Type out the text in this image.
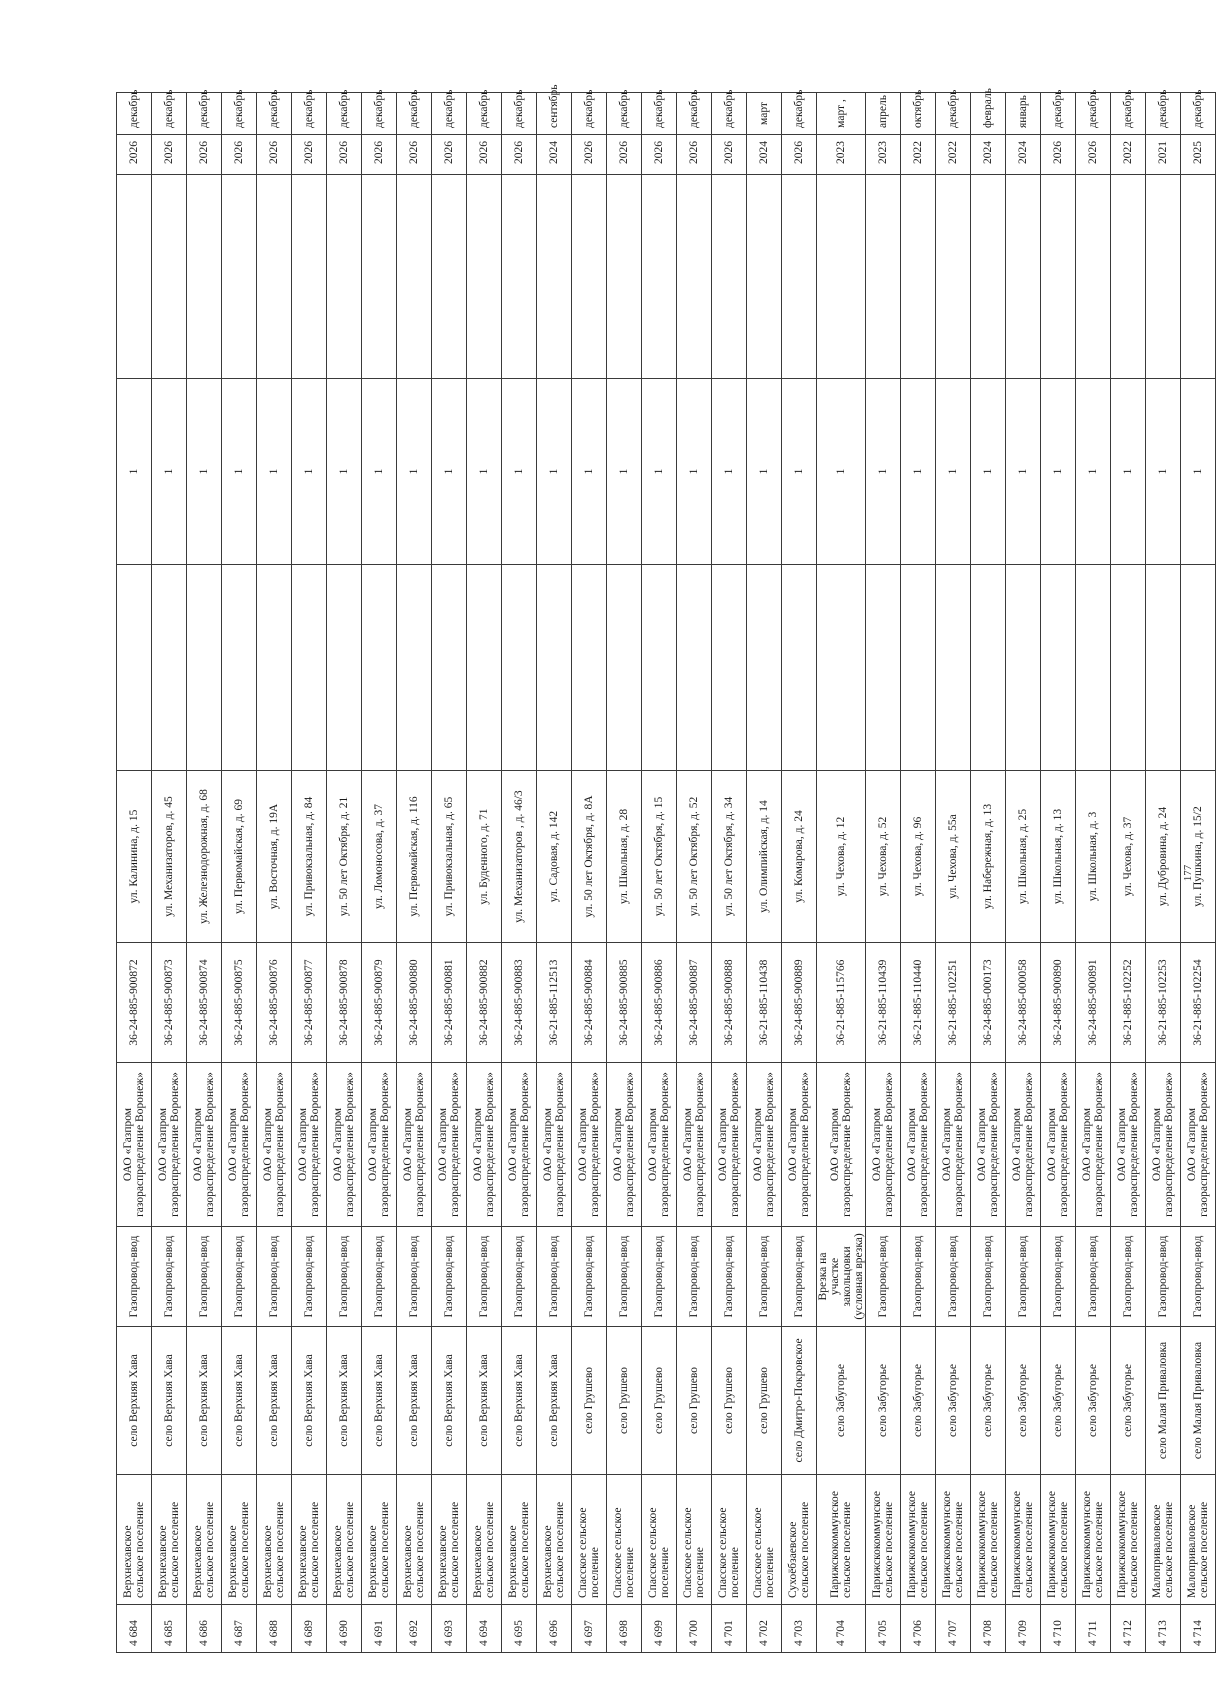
4 684	Верхнехавское сельское поселение	село Верхняя Хава	Газопровод-ввод	ОАО «Газпром газораспределение Воронеж»	36-24-885-900872	ул. Калинина, д. 15		1		2026	декабрь
4 685	Верхнехавское сельское поселение	село Верхняя Хава	Газопровод-ввод	ОАО «Газпром газораспределение Воронеж»	36-24-885-900873	ул. Механизаторов, д. 45		1		2026	декабрь
4 686	Верхнехавское сельское поселение	село Верхняя Хава	Газопровод-ввод	ОАО «Газпром газораспределение Воронеж»	36-24-885-900874	ул. Железнодорожная, д. 68		1		2026	декабрь
4 687	Верхнехавское сельское поселение	село Верхняя Хава	Газопровод-ввод	ОАО «Газпром газораспределение Воронеж»	36-24-885-900875	ул. Первомайская, д. 69		1		2026	декабрь
4 688	Верхнехавское сельское поселение	село Верхняя Хава	Газопровод-ввод	ОАО «Газпром газораспределение Воронеж»	36-24-885-900876	ул. Восточная, д. 19А		1		2026	декабрь
4 689	Верхнехавское сельское поселение	село Верхняя Хава	Газопровод-ввод	ОАО «Газпром газораспределение Воронеж»	36-24-885-900877	ул. Привокзальная, д. 84		1		2026	декабрь
4 690	Верхнехавское сельское поселение	село Верхняя Хава	Газопровод-ввод	ОАО «Газпром газораспределение Воронеж»	36-24-885-900878	ул. 50 лет Октября, д. 21		1		2026	декабрь
4 691	Верхнехавское сельское поселение	село Верхняя Хава	Газопровод-ввод	ОАО «Газпром газораспределение Воронеж»	36-24-885-900879	ул. Ломоносова, д. 37		1		2026	декабрь
4 692	Верхнехавское сельское поселение	село Верхняя Хава	Газопровод-ввод	ОАО «Газпром газораспределение Воронеж»	36-24-885-900880	ул. Первомайская, д. 116		1		2026	декабрь
4 693	Верхнехавское сельское поселение	село Верхняя Хава	Газопровод-ввод	ОАО «Газпром газораспределение Воронеж»	36-24-885-900881	ул. Привокзальная, д. 65		1		2026	декабрь
4 694	Верхнехавское сельское поселение	село Верхняя Хава	Газопровод-ввод	ОАО «Газпром газораспределение Воронеж»	36-24-885-900882	ул. Буденного, д. 71		1		2026	декабрь
4 695	Верхнехавское сельское поселение	село Верхняя Хава	Газопровод-ввод	ОАО «Газпром газораспределение Воронеж»	36-24-885-900883	ул. Механизаторов , д. 46/3		1		2026	декабрь
4 696	Верхнехавское сельское поселение	село Верхняя Хава	Газопровод-ввод	ОАО «Газпром газораспределение Воронеж»	36-21-885-112513	ул. Садовая, д. 142		1		2024	сентябрь
4 697	Спасское сельское поселение	село Грушево	Газопровод-ввод	ОАО «Газпром газораспределение Воронеж»	36-24-885-900884	ул. 50 лет Октября, д. 8А		1		2026	декабрь
4 698	Спасское сельское поселение	село Грушево	Газопровод-ввод	ОАО «Газпром газораспределение Воронеж»	36-24-885-900885	ул. Школьная, д. 28		1		2026	декабрь
4 699	Спасское сельское поселение	село Грушево	Газопровод-ввод	ОАО «Газпром газораспределение Воронеж»	36-24-885-900886	ул. 50 лет Октября, д. 15		1		2026	декабрь
4 700	Спасское сельское поселение	село Грушево	Газопровод-ввод	ОАО «Газпром газораспределение Воронеж»	36-24-885-900887	ул. 50 лет Октября, д. 52		1		2026	декабрь
4 701	Спасское сельское поселение	село Грушево	Газопровод-ввод	ОАО «Газпром газораспределение Воронеж»	36-24-885-900888	ул. 50 лет Октября, д. 34		1		2026	декабрь
4 702	Спасское сельское поселение	село Грушево	Газопровод-ввод	ОАО «Газпром газораспределение Воронеж»	36-21-885-110438	ул. Олимпийская, д. 14		1		2024	март
4 703	Сухоёбзаевское сельское поселение	село Дмитро-Покровское	Газопровод-ввод	ОАО «Газпром газораспределение Воронеж»	36-24-885-900889	ул. Комарова, д. 24		1		2026	декабрь
4 704	Парижскокоммунское сельское поселение	село Забугорье	Врезка на участке закольцовки (условная врезка)	ОАО «Газпром газораспределение Воронеж»	36-21-885-115766	ул. Чехова, д. 12		1		2023	март ,
4 705	Парижскокоммунское сельское поселение	село Забугорье	Газопровод-ввод	ОАО «Газпром газораспределение Воронеж»	36-21-885-110439	ул. Чехова, д. 52		1		2023	апрель
4 706	Парижскокоммунское сельское поселение	село Забугорье	Газопровод-ввод	ОАО «Газпром газораспределение Воронеж»	36-21-885-110440	ул. Чехова, д. 96		1		2022	октябрь
4 707	Парижскокоммунское сельское поселение	село Забугорье	Газопровод-ввод	ОАО «Газпром газораспределение Воронеж»	36-21-885-102251	ул. Чехова, д. 55а		1		2022	декабрь
4 708	Парижскокоммунское сельское поселение	село Забугорье	Газопровод-ввод	ОАО «Газпром газораспределение Воронеж»	36-24-885-000173	ул. Набережная, д. 13		1		2024	февраль
4 709	Парижскокоммунское сельское поселение	село Забугорье	Газопровод-ввод	ОАО «Газпром газораспределение Воронеж»	36-24-885-000058	ул. Школьная, д. 25		1		2024	январь
4 710	Парижскокоммунское сельское поселение	село Забугорье	Газопровод-ввод	ОАО «Газпром газораспределение Воронеж»	36-24-885-900890	ул. Школьная, д. 13		1		2026	декабрь
4 711	Парижскокоммунское сельское поселение	село Забугорье	Газопровод-ввод	ОАО «Газпром газораспределение Воронеж»	36-24-885-900891	ул. Школьная, д. 3		1		2026	декабрь
4 712	Парижскокоммунское сельское поселение	село Забугорье	Газопровод-ввод	ОАО «Газпром газораспределение Воронеж»	36-21-885-102252	ул. Чехова, д. 37		1		2022	декабрь
4 713	Малоприваловское сельское поселение	село Малая Приваловка	Газопровод-ввод	ОАО «Газпром газораспределение Воронеж»	36-21-885-102253	ул. Дубровина, д. 24		1		2021	декабрь
4 714	Малоприваловское сельское поселение	село Малая Приваловка	Газопровод-ввод	ОАО «Газпром газораспределение Воронеж»	36-21-885-102254	ул. Пушкина, д. 15/2		1		2025	декабрь
177
